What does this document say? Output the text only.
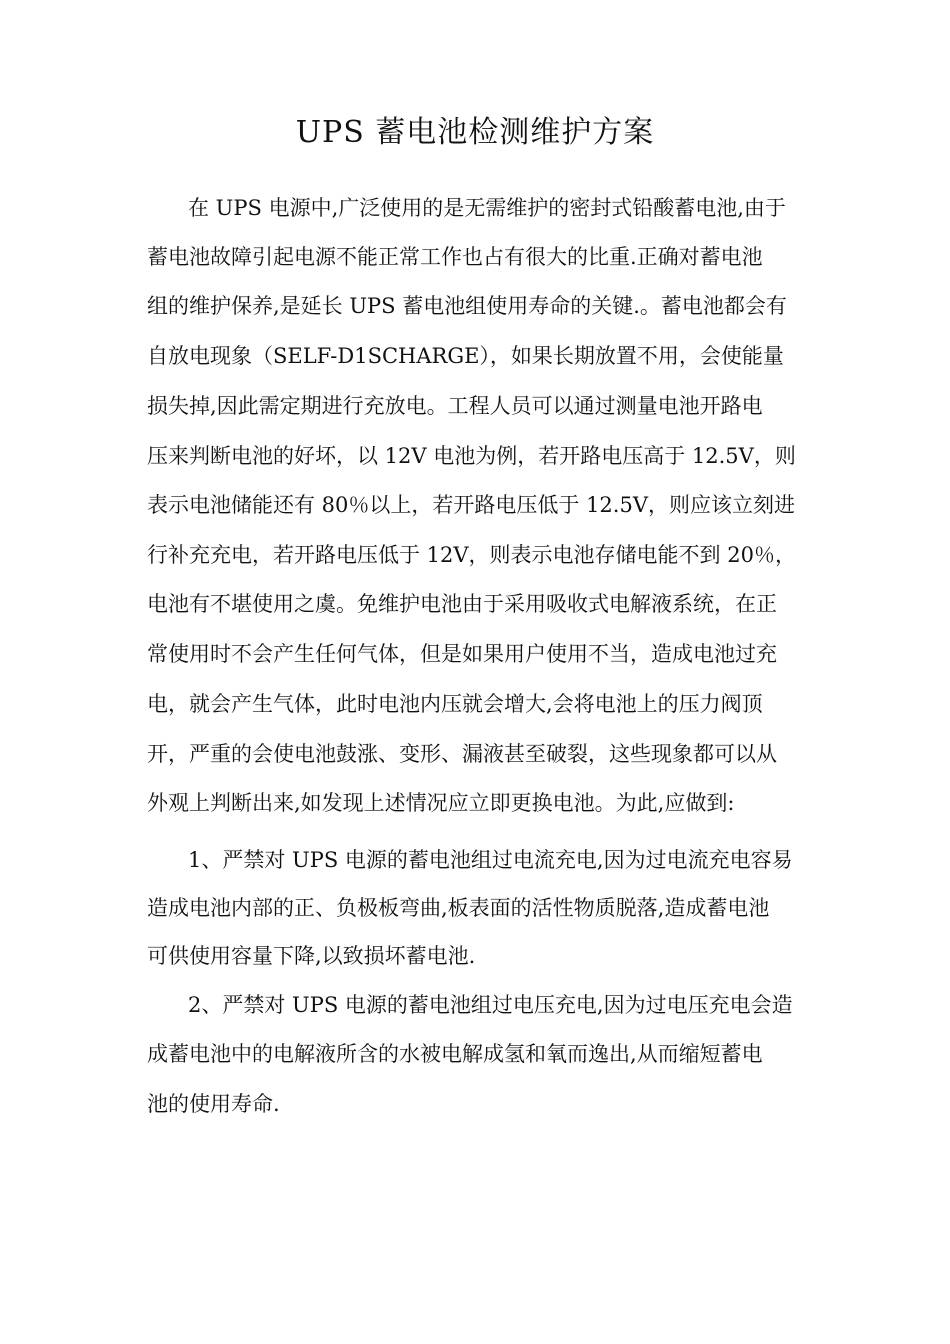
UPS 蓄电池检测维护方案

在 UPS 电源中,广泛使用的是无需维护的密封式铅酸蓄电池,由于

蓄电池故障引起电源不能正常工作也占有很大的比重.正确对蓄电池

组的维护保养,是延长 UPS 蓄电池组使用寿命的关键.。蓄电池都会有

自放电现象（SELF-D1SCHARGE），如果长期放置不用，会使能量

损失掉,因此需定期进行充放电。工程人员可以通过测量电池开路电

压来判断电池的好坏，以 12V 电池为例，若开路电压高于 12.5V，则

表示电池储能还有 80％以上，若开路电压低于 12.5V，则应该立刻进

行补充充电，若开路电压低于 12V，则表示电池存储电能不到 20％，

电池有不堪使用之虞。免维护电池由于采用吸收式电解液系统，在正

常使用时不会产生任何气体，但是如果用户使用不当，造成电池过充

电，就会产生气体，此时电池内压就会增大,会将电池上的压力阀顶

开，严重的会使电池鼓涨、变形、漏液甚至破裂，这些现象都可以从

外观上判断出来,如发现上述情况应立即更换电池。为此,应做到:

1、严禁对 UPS 电源的蓄电池组过电流充电,因为过电流充电容易

造成电池内部的正、负极板弯曲,板表面的活性物质脱落,造成蓄电池

可供使用容量下降,以致损坏蓄电池.

2、严禁对 UPS 电源的蓄电池组过电压充电,因为过电压充电会造

成蓄电池中的电解液所含的水被电解成氢和氧而逸出,从而缩短蓄电

池的使用寿命.
